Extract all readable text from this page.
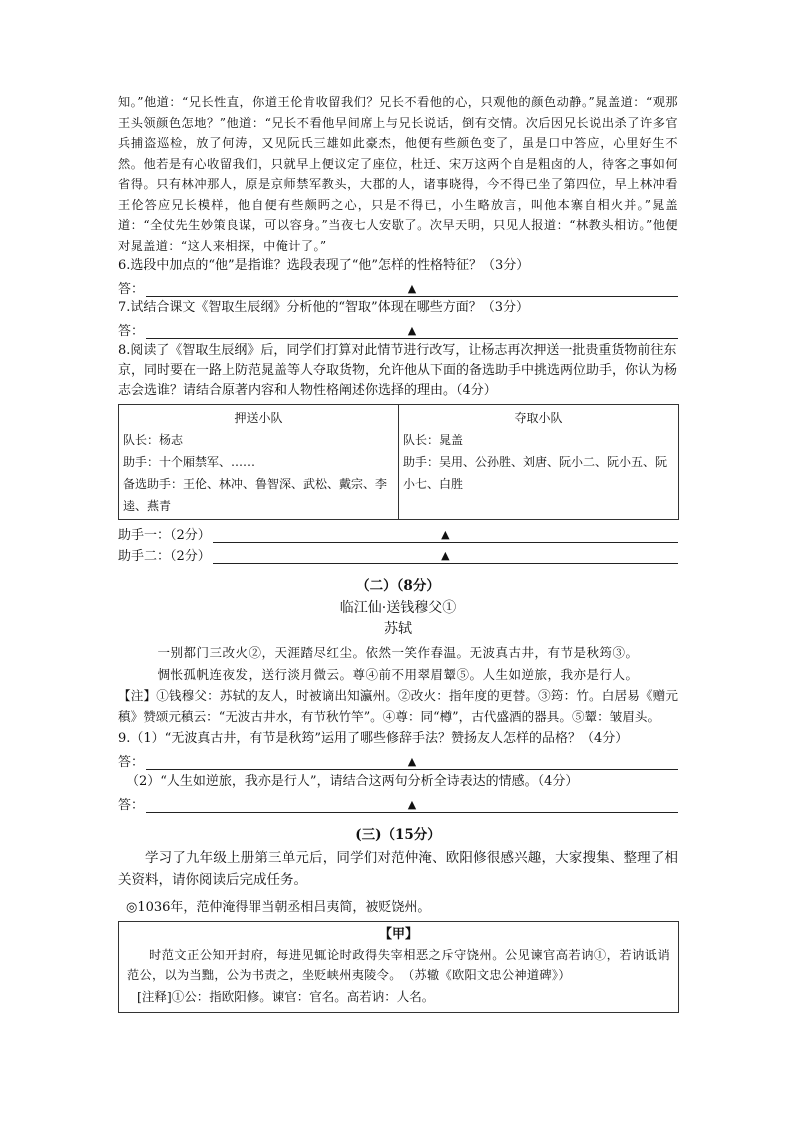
知。”他道：“兄长性直，你道王伦肯收留我们？兄长不看他的心，只观他的颜色动静。”晁盖道：“观那王头领颜色怎地？”他道：“兄长不看他早间席上与兄长说话，倒有交情。次后因兄长说出杀了许多官兵捕盗巡检，放了何涛，又见阮氏三雄如此豪杰，他便有些颜色变了，虽是口中答应，心里好生不然。他若是有心收留我们，只就早上便议定了座位，杜迁、宋万这两个自是粗卤的人，待客之事如何省得。只有林冲那人，原是京师禁军教头，大郡的人，诸事晓得，今不得已坐了第四位，早上林冲看王伦答应兄长模样，他自便有些颇眄之心，只是不得已，小生略放言，叫他本寨自相火并。”晁盖道：“全仗先生妙策良谋，可以容身。”当夜七人安歇了。次早天明，只见人报道：“林教头相访。”他便对晁盖道：“这人来相探，中俺计了。”

6.选段中加点的“他”是指谁？选段表现了“他”怎样的性格特征？（3分）

答：	▲

7.试结合课文《智取生辰纲》分析他的“智取”体现在哪些方面？（3分）

答：	▲

8.阅读了《智取生辰纲》后，同学们打算对此情节进行改写，让杨志再次押送一批贵重货物前往东京，同时要在一路上防范晁盖等人夺取货物，允许他从下面的备选助手中挑选两位助手，你认为杨志会选谁？请结合原著内容和人物性格阐述你选择的理由。（4分）

押送小队
队长：杨志
助手：十个厢禁军、……
备选助手：王伦、林冲、鲁智深、武松、戴宗、李逵、燕青

夺取小队
队长：晁盖
助手：吴用、公孙胜、刘唐、阮小二、阮小五、阮小七、白胜
助手一：（2分）	▲
助手二：（2分）	▲
（二）（8分）

临江仙·送钱穆父①

苏轼

一别都门三改火②，天涯踏尽红尘。依然一笑作春温。无波真古井，有节是秋筠③。

惆怅孤帆连夜发，送行淡月微云。尊④前不用翠眉颦⑤。人生如逆旅，我亦是行人。

【注】①钱穆父：苏轼的友人，时被谪出知瀛州。②改火：指年度的更替。③筠：竹。白居易《赠元稹》赞颂元稹云：“无波古井水，有节秋竹竿”。④尊：同“樽”，古代盛酒的器具。⑤颦：皱眉头。

9.（1）“无波真古井，有节是秋筠”运用了哪些修辞手法？赞扬友人怎样的品格？（4分）

答：	▲

（2）“人生如逆旅，我亦是行人”，请结合这两句分析全诗表达的情感。（4分）

答：	▲
(三)（15分）

学习了九年级上册第三单元后，同学们对范仲淹、欧阳修很感兴趣，大家搜集、整理了相关资料，请你阅读后完成任务。

◎1036年，范仲淹得罪当朝丞相吕夷简，被贬饶州。

【甲】

时范文正公知开封府，每进见辄论时政得失宰相恶之斥守饶州。公见谏官高若讷①，若讷诋诮范公，以为当黜，公为书责之，坐贬峡州夷陵令。　（苏辙《欧阳文忠公神道碑》）

[注释]①公：指欧阳修。谏官：官名。高若讷：人名。
